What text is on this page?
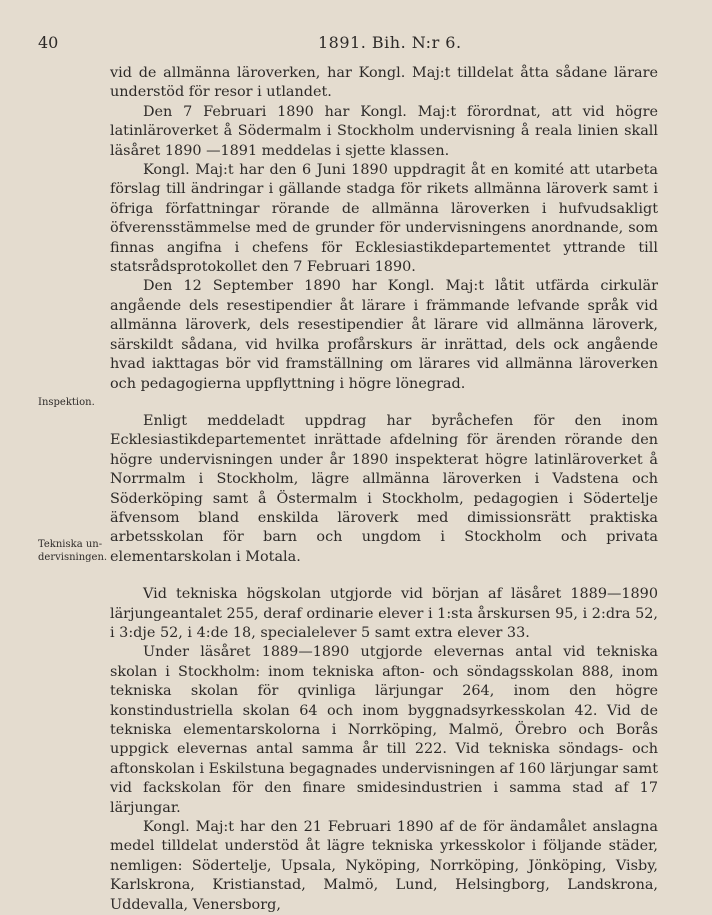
40	1891. Bih. N:r 6.
Inspektion.
Tekniska un-
dervisningen.

vid de allmänna läroverken, har Kongl. Maj:t tilldelat åtta sådane lärare understöd för resor i utlandet.

Den 7 Februari 1890 har Kongl. Maj:t förordnat, att vid högre latinläroverket å Södermalm i Stockholm undervisning å reala linien skall läsåret 1890 —1891 meddelas i sjette klassen.

Kongl. Maj:t har den 6 Juni 1890 uppdragit åt en komité att utarbeta förslag till ändringar i gällande stadga för rikets allmänna läroverk samt i öfriga författningar rörande de allmänna läroverken i hufvudsakligt öfverensstämmelse med de grunder för undervisningens anordnande, som finnas angifna i chefens för Ecklesiastikdepartementet yttrande till statsrådsprotokollet den 7 Februari 1890.

Den 12 September 1890 har Kongl. Maj:t låtit utfärda cirkulär angående dels resestipendier åt lärare i främmande lefvande språk vid allmänna läroverk, dels resestipendier åt lärare vid allmänna läroverk, särskildt sådana, vid hvilka profårskurs är inrättad, dels ock angående hvad iakttagas bör vid framställning om lärares vid allmänna läroverken och pedagogierna uppflyttning i högre lönegrad.

Enligt meddeladt uppdrag har byråchefen för den inom Ecklesiastikdepartementet inrättade afdelning för ärenden rörande den högre undervisningen under år 1890 inspekterat högre latinläroverket å Norrmalm i Stockholm, lägre allmänna läroverken i Vadstena och Söderköping samt å Östermalm i Stockholm, pedagogien i Södertelje äfvensom bland enskilda läroverk med dimissionsrätt praktiska arbetsskolan för barn och ungdom i Stockholm och privata elementarskolan i Motala.

Vid tekniska högskolan utgjorde vid början af läsåret 1889—1890 lärjungeantalet 255, deraf ordinarie elever i 1:sta årskursen 95, i 2:dra 52, i 3:dje 52, i 4:de 18, specialelever 5 samt extra elever 33.

Under läsåret 1889—1890 utgjorde elevernas antal vid tekniska skolan i Stockholm: inom tekniska afton- och söndagsskolan 888, inom tekniska skolan för qvinliga lärjungar 264, inom den högre konstindustriella skolan 64 och inom byggnadsyrkesskolan 42. Vid de tekniska elementarskolorna i Norrköping, Malmö, Örebro och Borås uppgick elevernas antal samma år till 222. Vid tekniska söndags- och aftonskolan i Eskilstuna begagnades undervisningen af 160 lärjungar samt vid fackskolan för den finare smidesindustrien i samma stad af 17 lärjungar.

Kongl. Maj:t har den 21 Februari 1890 af de för ändamålet anslagna medel tilldelat understöd åt lägre tekniska yrkesskolor i följande städer, nemligen: Södertelje, Upsala, Nyköping, Norrköping, Jönköping, Visby, Karlskrona, Kristianstad, Malmö, Lund, Helsingborg, Landskrona, Uddevalla, Venersborg,
